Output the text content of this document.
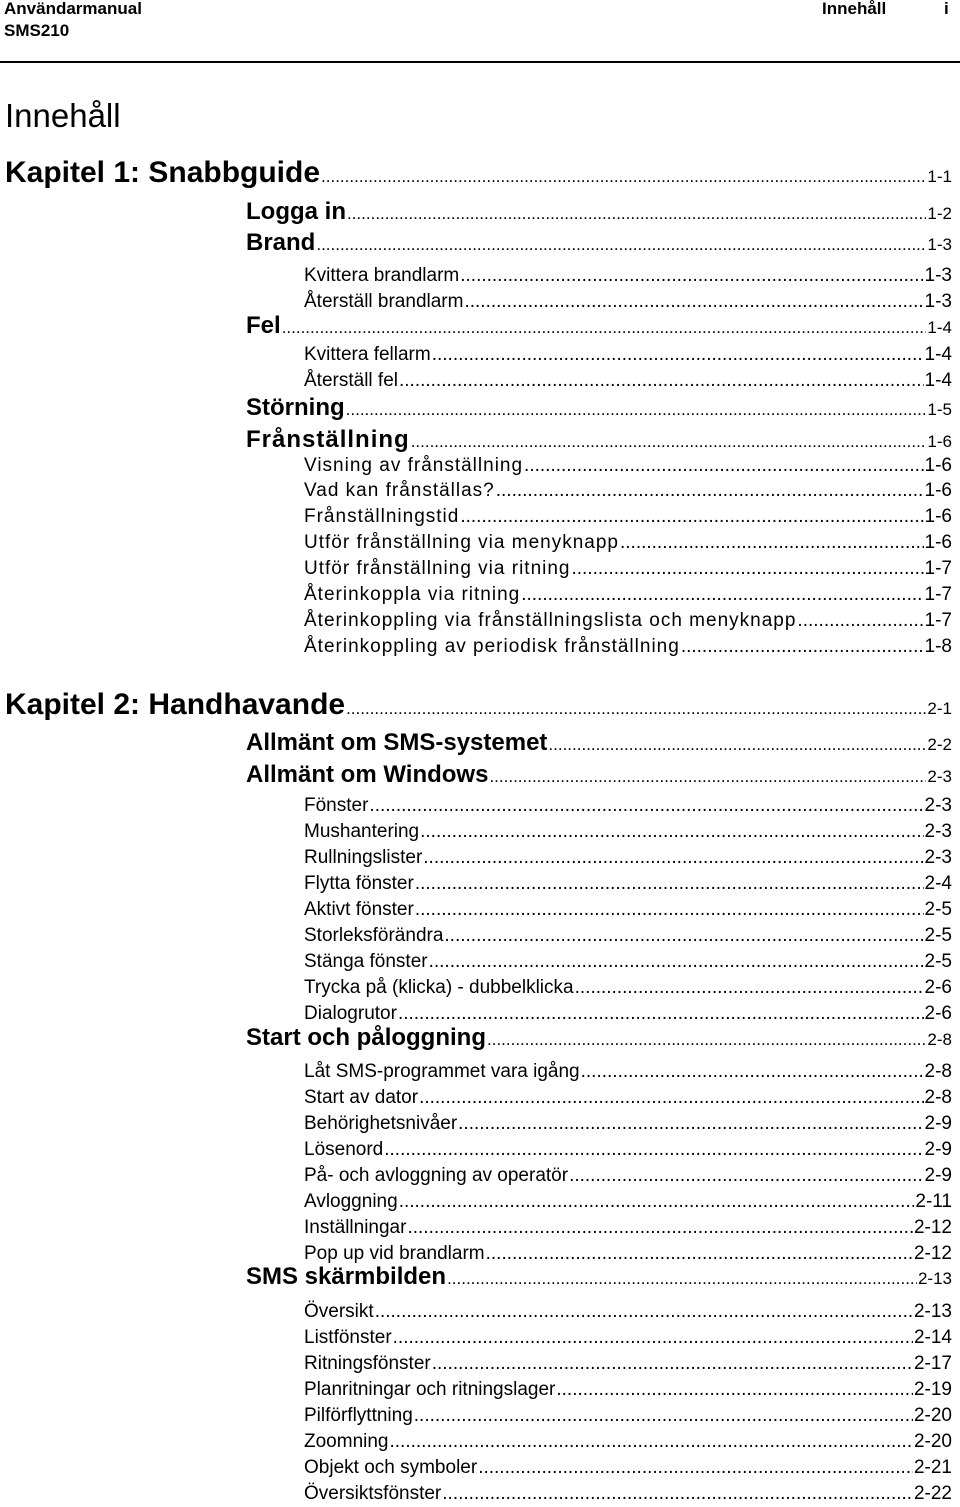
Användarmanual
SMS210
Innehåll	i
Innehåll
Kapitel 1: Snabbguide .....	1-1
Logga in .....	1-2
Brand .....	1-3
Kvittera brandlarm .....	1-3
Återställ brandlarm .....	1-3
Fel .....	1-4
Kvittera fellarm .....	1-4
Återställ fel .....	1-4
Störning .....	1-5
Frånställning .....	1-6
Visning av frånställning .....	1-6
Vad kan frånställas? .....	1-6
Frånställningstid .....	1-6
Utför frånställning via menyknapp .....	1-6
Utför frånställning via ritning .....	1-7
Återinkoppla via ritning .....	1-7
Återinkoppling via frånställningslista och menyknapp .....	1-7
Återinkoppling av periodisk frånställning .....	1-8
Kapitel 2: Handhavande .....	2-1
Allmänt om SMS-systemet .....	2-2
Allmänt om Windows .....	2-3
Fönster .....	2-3
Mushantering .....	2-3
Rullningslister .....	2-3
Flytta fönster .....	2-4
Aktivt fönster .....	2-5
Storleksförändra .....	2-5
Stänga fönster .....	2-5
Trycka på (klicka) - dubbelklicka .....	2-6
Dialogrutor .....	2-6
Start och påloggning .....	2-8
Låt SMS-programmet vara igång .....	2-8
Start av dator .....	2-8
Behörighetsnivåer .....	2-9
Lösenord .....	2-9
På- och avloggning av operatör .....	2-9
Avloggning .....	2-11
Inställningar .....	2-12
Pop up vid brandlarm .....	2-12
SMS skärmbilden .....	2-13
Översikt .....	2-13
Listfönster .....	2-14
Ritningsfönster .....	2-17
Planritningar och ritningslager .....	2-19
Pilförflyttning .....	2-20
Zoomning .....	2-20
Objekt och symboler .....	2-21
Översiktsfönster .....	2-22
